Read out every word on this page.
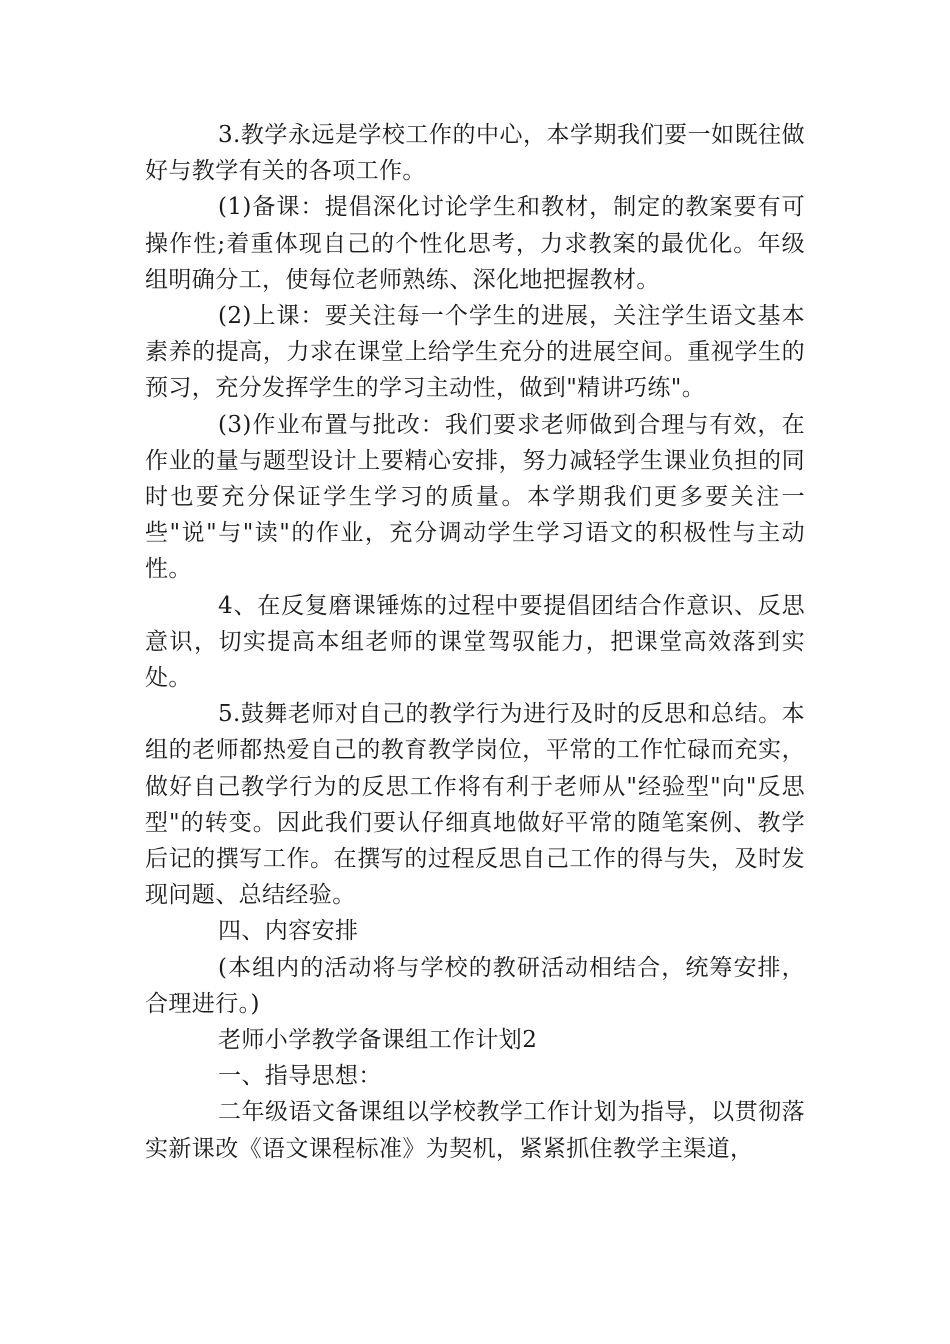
3.教学永远是学校工作的中心，本学期我们要一如既往做好与教学有关的各项工作。

(1)备课：提倡深化讨论学生和教材，制定的教案要有可操作性;着重体现自己的个性化思考，力求教案的最优化。年级组明确分工，使每位老师熟练、深化地把握教材。

(2)上课：要关注每一个学生的进展，关注学生语文基本素养的提高，力求在课堂上给学生充分的进展空间。重视学生的预习，充分发挥学生的学习主动性，做到"精讲巧练"。

(3)作业布置与批改：我们要求老师做到合理与有效，在作业的量与题型设计上要精心安排，努力减轻学生课业负担的同时也要充分保证学生学习的质量。本学期我们更多要关注一些"说"与"读"的作业，充分调动学生学习语文的积极性与主动性。

4、在反复磨课锤炼的过程中要提倡团结合作意识、反思意识，切实提高本组老师的课堂驾驭能力，把课堂高效落到实处。

5.鼓舞老师对自己的教学行为进行及时的反思和总结。本组的老师都热爱自己的教育教学岗位，平常的工作忙碌而充实，做好自己教学行为的反思工作将有利于老师从"经验型"向"反思型"的转变。因此我们要认仔细真地做好平常的随笔案例、教学后记的撰写工作。在撰写的过程反思自己工作的得与失，及时发现问题、总结经验。

四、内容安排

(本组内的活动将与学校的教研活动相结合，统筹安排，合理进行。)

老师小学教学备课组工作计划2

一、指导思想：

二年级语文备课组以学校教学工作计划为指导，以贯彻落实新课改《语文课程标准》为契机，紧紧抓住教学主渠道，
